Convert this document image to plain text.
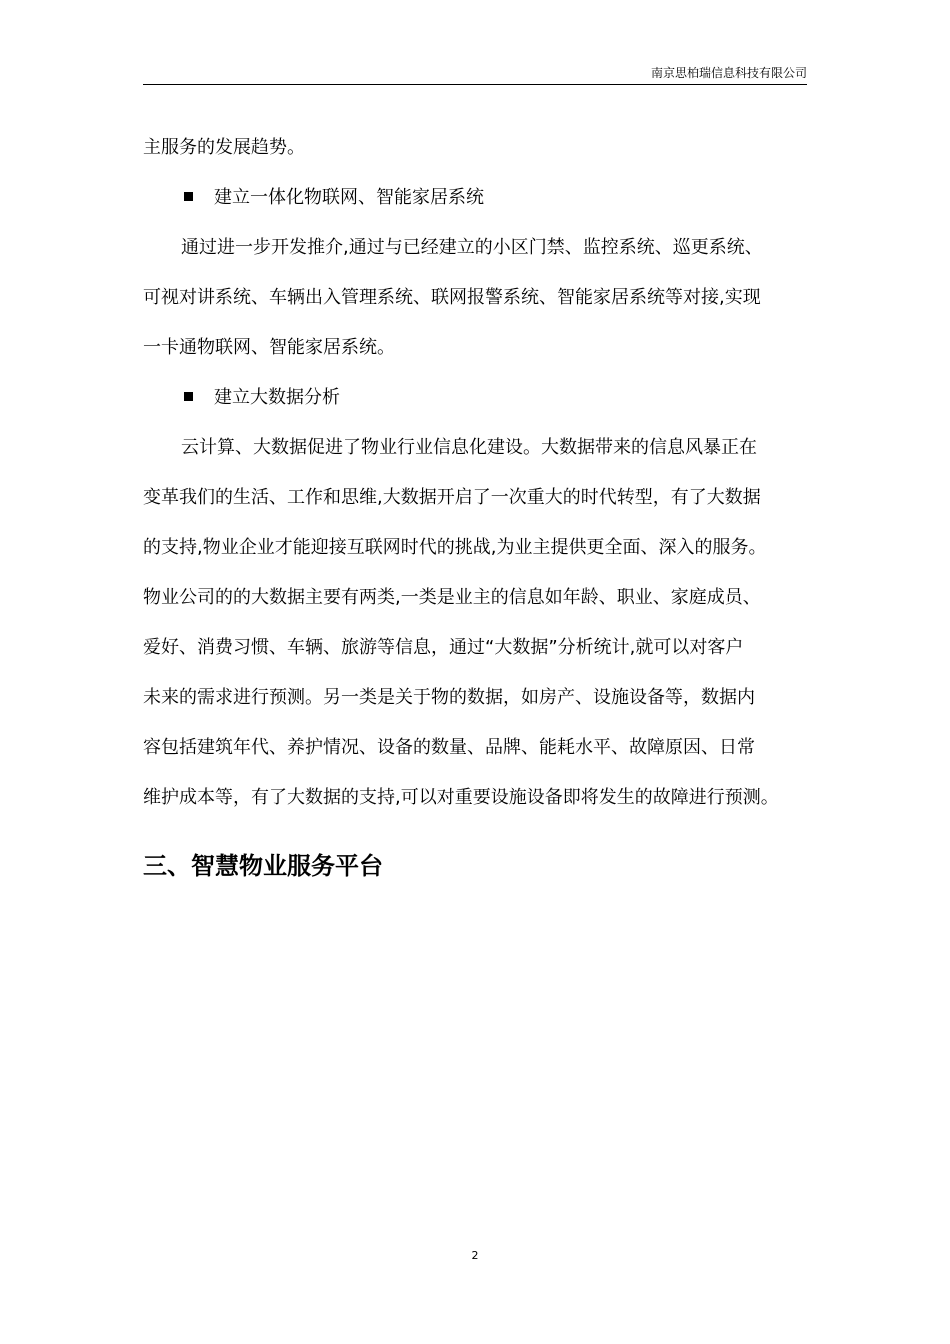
南京思柏瑞信息科技有限公司
主服务的发展趋势。
建立一体化物联网、智能家居系统
通过进一步开发推介,通过与已经建立的小区门禁、监控系统、巡更系统、
可视对讲系统、车辆出入管理系统、联网报警系统、智能家居系统等对接,实现
一卡通物联网、智能家居系统。
建立大数据分析
云计算、大数据促进了物业行业信息化建设。大数据带来的信息风暴正在
变革我们的生活、工作和思维,大数据开启了一次重大的时代转型，有了大数据
的支持,物业企业才能迎接互联网时代的挑战,为业主提供更全面、深入的服务。
物业公司的的大数据主要有两类,一类是业主的信息如年龄、职业、家庭成员、
爱好、消费习惯、车辆、旅游等信息，通过“大数据”分析统计,就可以对客户
未来的需求进行预测。另一类是关于物的数据，如房产、设施设备等，数据内
容包括建筑年代、养护情况、设备的数量、品牌、能耗水平、故障原因、日常
维护成本等，有了大数据的支持,可以对重要设施设备即将发生的故障进行预测。
三、智慧物业服务平台
2
